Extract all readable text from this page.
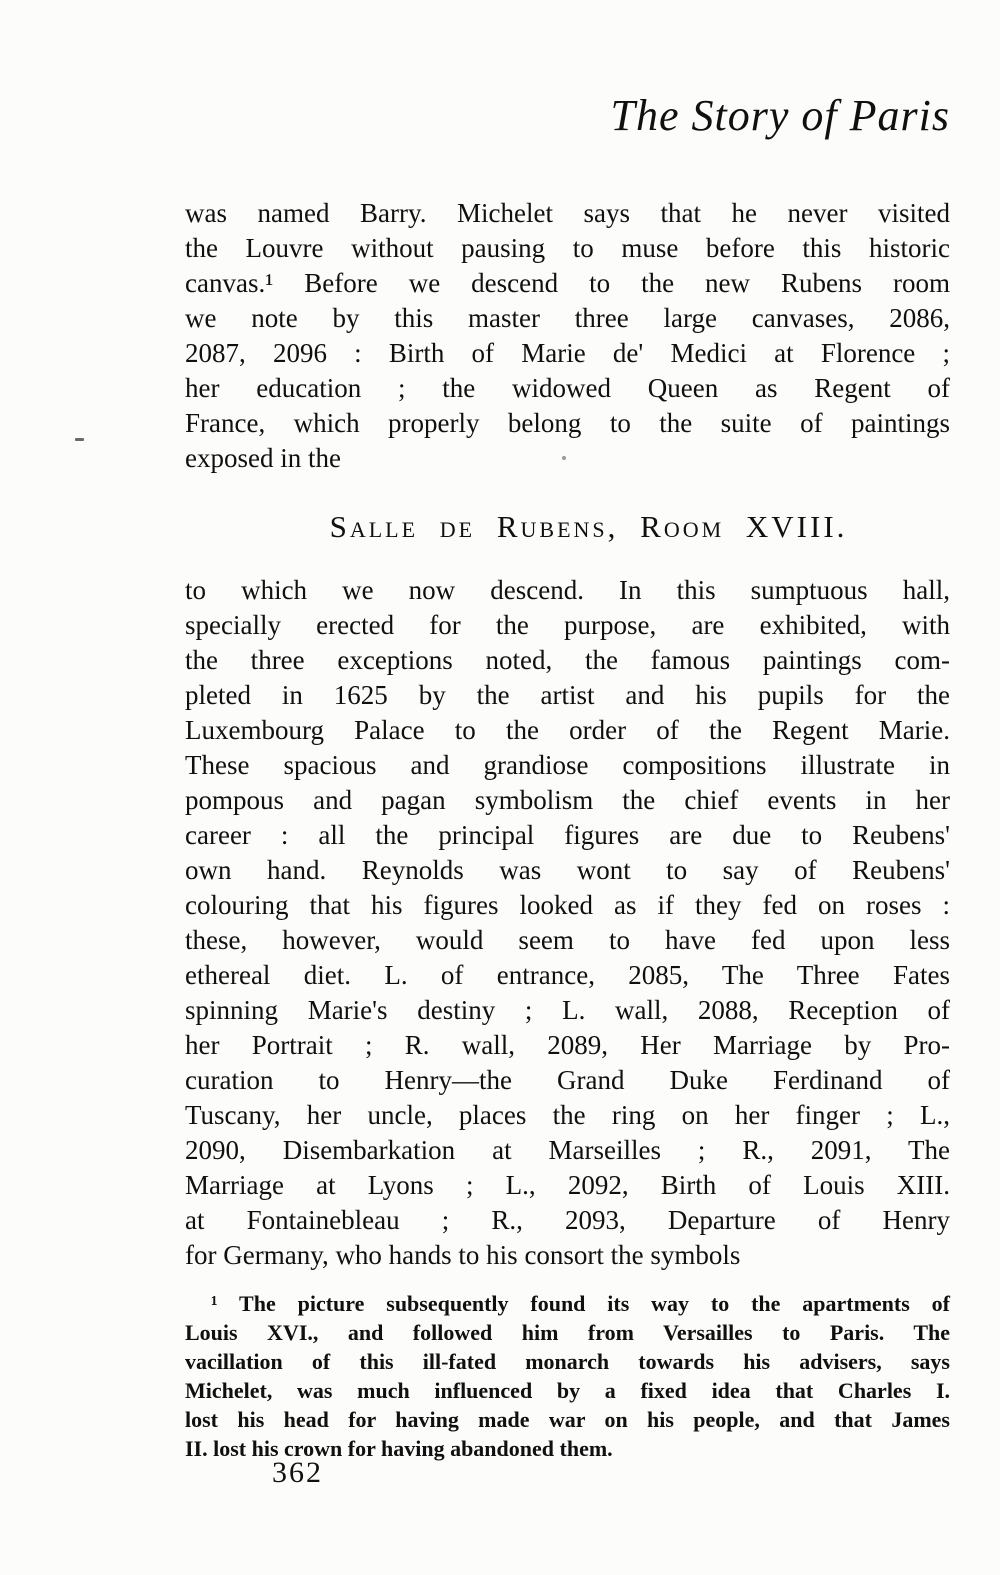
The Story of Paris
was named Barry. Michelet says that he never visited
the Louvre without pausing to muse before this historic
canvas.¹ Before we descend to the new Rubens room
we note by this master three large canvases, 2086,
2087, 2096 : Birth of Marie de' Medici at Florence ;
her education ; the widowed Queen as Regent of
France, which properly belong to the suite of paintings
exposed in the
Salle de Rubens, Room XVIII.
to which we now descend. In this sumptuous hall,
specially erected for the purpose, are exhibited, with
the three exceptions noted, the famous paintings com-
pleted in 1625 by the artist and his pupils for the
Luxembourg Palace to the order of the Regent Marie.
These spacious and grandiose compositions illustrate in
pompous and pagan symbolism the chief events in her
career : all the principal figures are due to Reubens'
own hand. Reynolds was wont to say of Reubens'
colouring that his figures looked as if they fed on roses :
these, however, would seem to have fed upon less
ethereal diet. L. of entrance, 2085, The Three Fates
spinning Marie's destiny ; L. wall, 2088, Reception of
her Portrait ; R. wall, 2089, Her Marriage by Pro-
curation to Henry—the Grand Duke Ferdinand of
Tuscany, her uncle, places the ring on her finger ; L.,
2090, Disembarkation at Marseilles ; R., 2091, The
Marriage at Lyons ; L., 2092, Birth of Louis XIII.
at Fontainebleau ; R., 2093, Departure of Henry
for Germany, who hands to his consort the symbols
¹ The picture subsequently found its way to the apartments of
Louis XVI., and followed him from Versailles to Paris. The
vacillation of this ill-fated monarch towards his advisers, says
Michelet, was much influenced by a fixed idea that Charles I.
lost his head for having made war on his people, and that James
II. lost his crown for having abandoned them.
362
